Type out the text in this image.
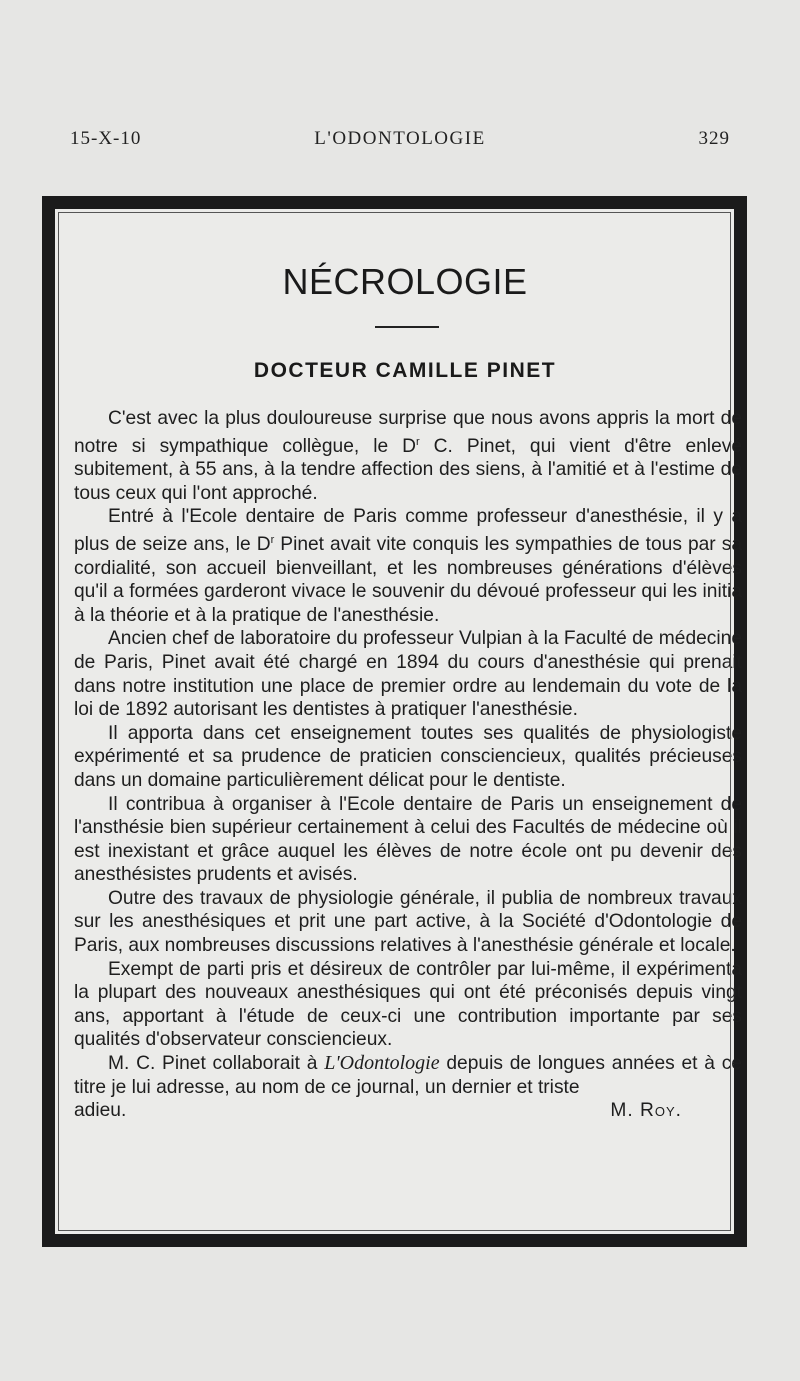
15-X-10	L'ODONTOLOGIE	329
NÉCROLOGIE
DOCTEUR CAMILLE PINET

C'est avec la plus douloureuse surprise que nous avons appris la mort de notre si sympathique collègue, le $D^r$ C. Pinet, qui vient d'être enlevé subitement, à 55 ans, à la tendre affection des siens, à l'amitié et à l'estime de tous ceux qui l'ont approché.

Entré à l'Ecole dentaire de Paris comme professeur d'anesthésie, il y a plus de seize ans, le $D^r$ Pinet avait vite conquis les sympathies de tous par sa cordialité, son accueil bienveillant, et les nombreuses générations d'élèves qu'il a formées garderont vivace le souvenir du dévoué professeur qui les initia à la théorie et à la pratique de l'anesthésie.

Ancien chef de laboratoire du professeur Vulpian à la Faculté de médecine de Paris, Pinet avait été chargé en 1894 du cours d'anesthésie qui prenait dans notre institution une place de premier ordre au lendemain du vote de la loi de 1892 autorisant les dentistes à pratiquer l'anesthésie.

Il apporta dans cet enseignement toutes ses qualités de physiologiste expérimenté et sa prudence de praticien consciencieux, qualités précieuses dans un domaine particulièrement délicat pour le dentiste.

Il contribua à organiser à l'Ecole dentaire de Paris un enseignement de l'ansthésie bien supérieur certainement à celui des Facultés de médecine où il est inexistant et grâce auquel les élèves de notre école ont pu devenir des anesthésistes prudents et avisés.

Outre des travaux de physiologie générale, il publia de nombreux travaux sur les anesthésiques et prit une part active, à la Société d'Odontologie de Paris, aux nombreuses discussions relatives à l'anesthésie générale et locale.

Exempt de parti pris et désireux de contrôler par lui-même, il expérimenta la plupart des nouveaux anesthésiques qui ont été préconisés depuis vingt ans, apportant à l'étude de ceux-ci une contribution importante par ses qualités d'observateur consciencieux.

M. C. Pinet collaborait à L'Odontologie depuis de longues années et à ce titre je lui adresse, au nom de ce journal, un dernier et triste

adieu.	M. Roy.
